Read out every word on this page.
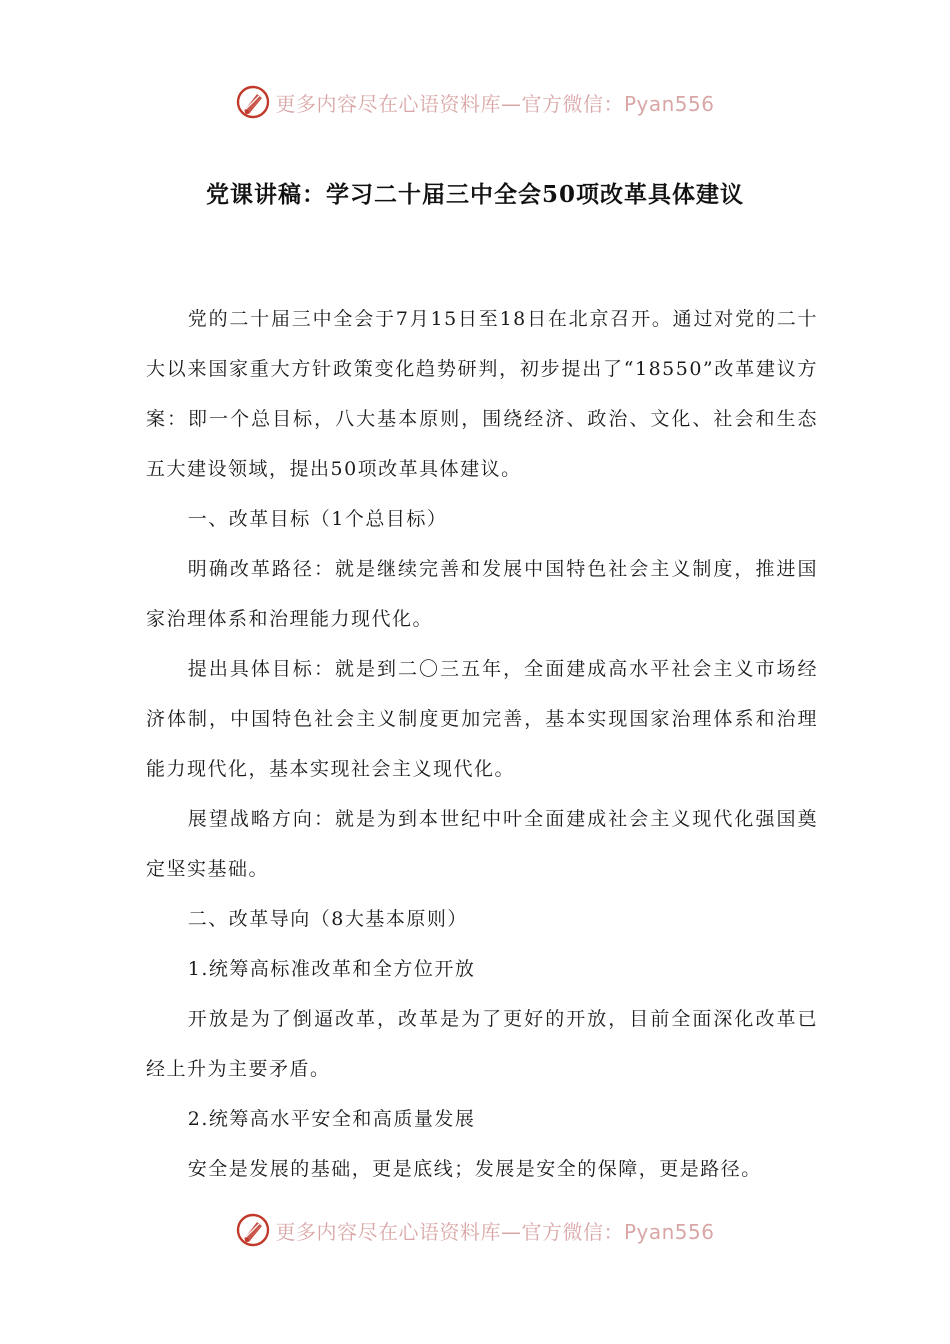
更多内容尽在心语资料库—官方微信：Pyan556
党课讲稿：学习二十届三中全会50项改革具体建议

党的二十届三中全会于7月15日至18日在北京召开。通过对党的二十大以来国家重大方针政策变化趋势研判，初步提出了“18550”改革建议方案：即一个总目标，八大基本原则，围绕经济、政治、文化、社会和生态五大建设领域，提出50项改革具体建议。

一、改革目标（1个总目标）

明确改革路径：就是继续完善和发展中国特色社会主义制度，推进国家治理体系和治理能力现代化。

提出具体目标：就是到二〇三五年，全面建成高水平社会主义市场经济体制，中国特色社会主义制度更加完善，基本实现国家治理体系和治理能力现代化，基本实现社会主义现代化。

展望战略方向：就是为到本世纪中叶全面建成社会主义现代化强国奠定坚实基础。

二、改革导向（8大基本原则）

1.统筹高标准改革和全方位开放

开放是为了倒逼改革，改革是为了更好的开放，目前全面深化改革已经上升为主要矛盾。

2.统筹高水平安全和高质量发展

安全是发展的基础，更是底线；发展是安全的保障，更是路径。

更多内容尽在心语资料库—官方微信：Pyan556
